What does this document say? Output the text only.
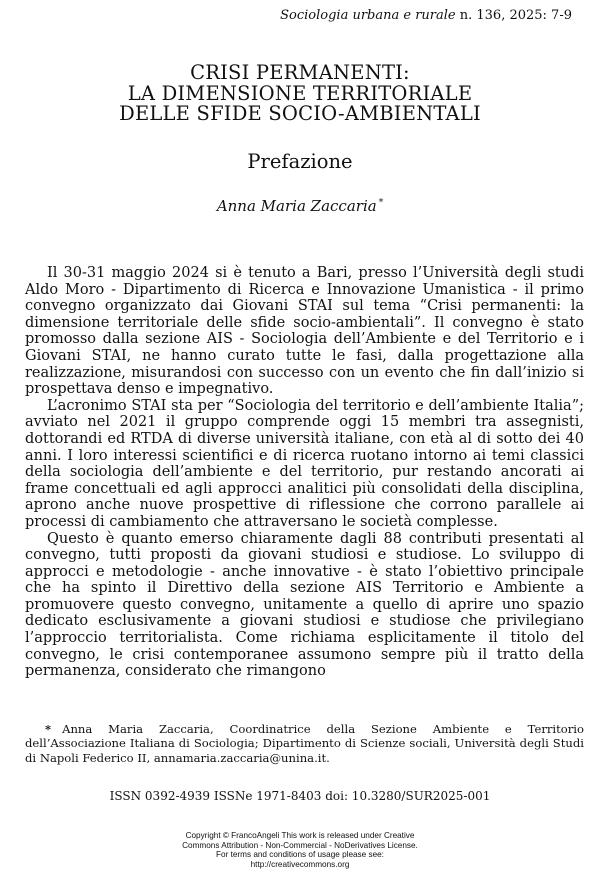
Sociologia urbana e rurale n. 136, 2025: 7-9
CRISI PERMANENTI:
LA DIMENSIONE TERRITORIALE
DELLE SFIDE SOCIO-AMBIENTALI
Prefazione
Anna Maria Zaccaria *

Il 30-31 maggio 2024 si è tenuto a Bari, presso l’Università degli studi Aldo Moro - Dipartimento di Ricerca e Innovazione Umanistica - il primo convegno organizzato dai Giovani STAI sul tema “Crisi permanenti: la dimensione territoriale delle sfide socio-ambientali”. Il convegno è stato promosso dalla sezione AIS - Sociologia dell’Ambiente e del Territorio e i Giovani STAI, ne hanno curato tutte le fasi, dalla progettazione alla realizzazione, misurandosi con successo con un evento che fin dall’inizio si prospettava denso e impegnativo.

L’acronimo STAI sta per “Sociologia del territorio e dell’ambiente Italia”; avviato nel 2021 il gruppo comprende oggi 15 membri tra assegnisti, dottorandi ed RTDA di diverse università italiane, con età al di sotto dei 40 anni. I loro interessi scientifici e di ricerca ruotano intorno ai temi classici della sociologia dell’ambiente e del territorio, pur restando ancorati ai frame concettuali ed agli approcci analitici più consolidati della disciplina, aprono anche nuove prospettive di riflessione che corrono parallele ai processi di cambiamento che attraversano le società complesse.

Questo è quanto emerso chiaramente dagli 88 contributi presentati al convegno, tutti proposti da giovani studiosi e studiose. Lo sviluppo di approcci e metodologie - anche innovative - è stato l’obiettivo principale che ha spinto il Direttivo della sezione AIS Territorio e Ambiente a promuovere questo convegno, unitamente a quello di aprire uno spazio dedicato esclusivamente a giovani studiosi e studiose che privilegiano l’approccio territorialista. Come richiama esplicitamente il titolo del convegno, le crisi contemporanee assumono sempre più il tratto della permanenza, considerato che rimangono

* Anna Maria Zaccaria, Coordinatrice della Sezione Ambiente e Territorio dell’Associazione Italiana di Sociologia; Dipartimento di Scienze sociali, Università degli Studi di Napoli Federico II, annamaria.zaccaria@unina.it.
ISSN 0392-4939 ISSNe 1971-8403 doi: 10.3280/SUR2025-001
Copyright © FrancoAngeli This work is released under Creative
Commons Attribution - Non-Commercial - NoDerivatives License.
For terms and conditions of usage please see:
http://creativecommons.org
